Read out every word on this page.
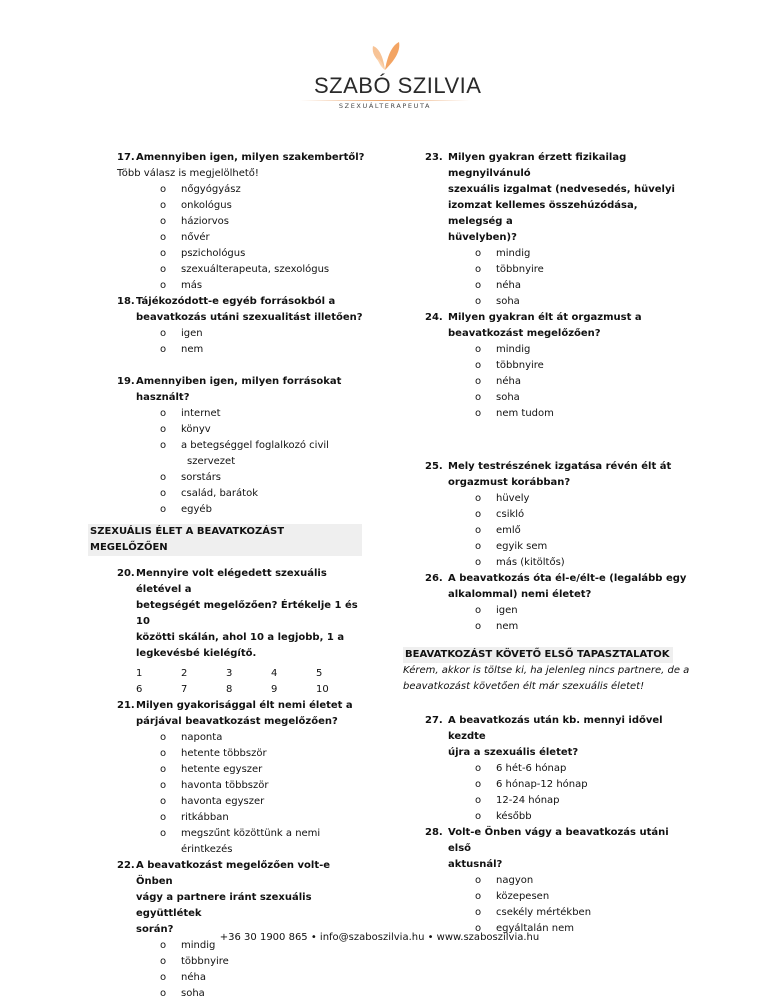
SZABÓ SZILVIA
SZEXUÁLTERAPEUTA

17. Amennyiben igen, milyen szakembertől?

Több válasz is megjelölhető!

o nőgyógyász
o onkológus
o háziorvos
o nővér
o pszichológus
o szexuálterapeuta, szexológus
o más

18. Tájékozódott-e egyéb forrásokból a
beavatkozás utáni szexualitást illetően?

o igen
o nem

19. Amennyiben igen, milyen forrásokat használt?

o internet
o könyv
o a betegséggel foglalkozó civil
szervezet
o sorstárs
o család, barátok
o egyéb

SZEXUÁLIS ÉLET A BEAVATKOZÁST MEGELŐZŐEN

20. Mennyire volt elégedett szexuális életével a
betegségét megelőzően? Értékelje 1 és 10
közötti skálán, ahol 10 a legjobb, 1 a
legkevésbé kielégítő.

1	2	3	4	5
6	7	8	9	10

21. Milyen gyakorisággal élt nemi életet a
párjával beavatkozást megelőzően?

o naponta
o hetente többször
o hetente egyszer
o havonta többször
o havonta egyszer
o ritkábban
o megszűnt közöttünk a nemi
érintkezés

22. A beavatkozást megelőzően volt-e Önben
vágy a partnere iránt szexuális együttlétek
során?

o mindig
o többnyire
o néha
o soha

23. Milyen gyakran érzett fizikailag megnyilvánuló
szexuális izgalmat (nedvesedés, hüvelyi
izomzat kellemes összehúzódása, melegség a
hüvelyben)?

o mindig
o többnyire
o néha
o soha

24. Milyen gyakran élt át orgazmust a
beavatkozást megelőzően?

o mindig
o többnyire
o néha
o soha
o nem tudom

25. Mely testrészének izgatása révén élt át
orgazmust korábban?

o hüvely
o csikló
o emlő
o egyik sem
o más (kitöltős)

26. A beavatkozás óta él-e/élt-e (legalább egy
alkalommal) nemi életet?

o igen
o nem

BEAVATKOZÁST KÖVETŐ ELSŐ TAPASZTALATOK

Kérem, akkor is töltse ki, ha jelenleg nincs partnere, de a

beavatkozást követően élt már szexuális életet!

27. A beavatkozás után kb. mennyi idővel kezdte
újra a szexuális életet?

o 6 hét-6 hónap
o 6 hónap-12 hónap
o 12-24 hónap
o később

28. Volt-e Önben vágy a beavatkozás utáni első
aktusnál?

o nagyon
o közepesen
o csekély mértékben
o egyáltalán nem
+36 30 1900 865 • info@szaboszilvia.hu • www.szaboszilvia.hu
